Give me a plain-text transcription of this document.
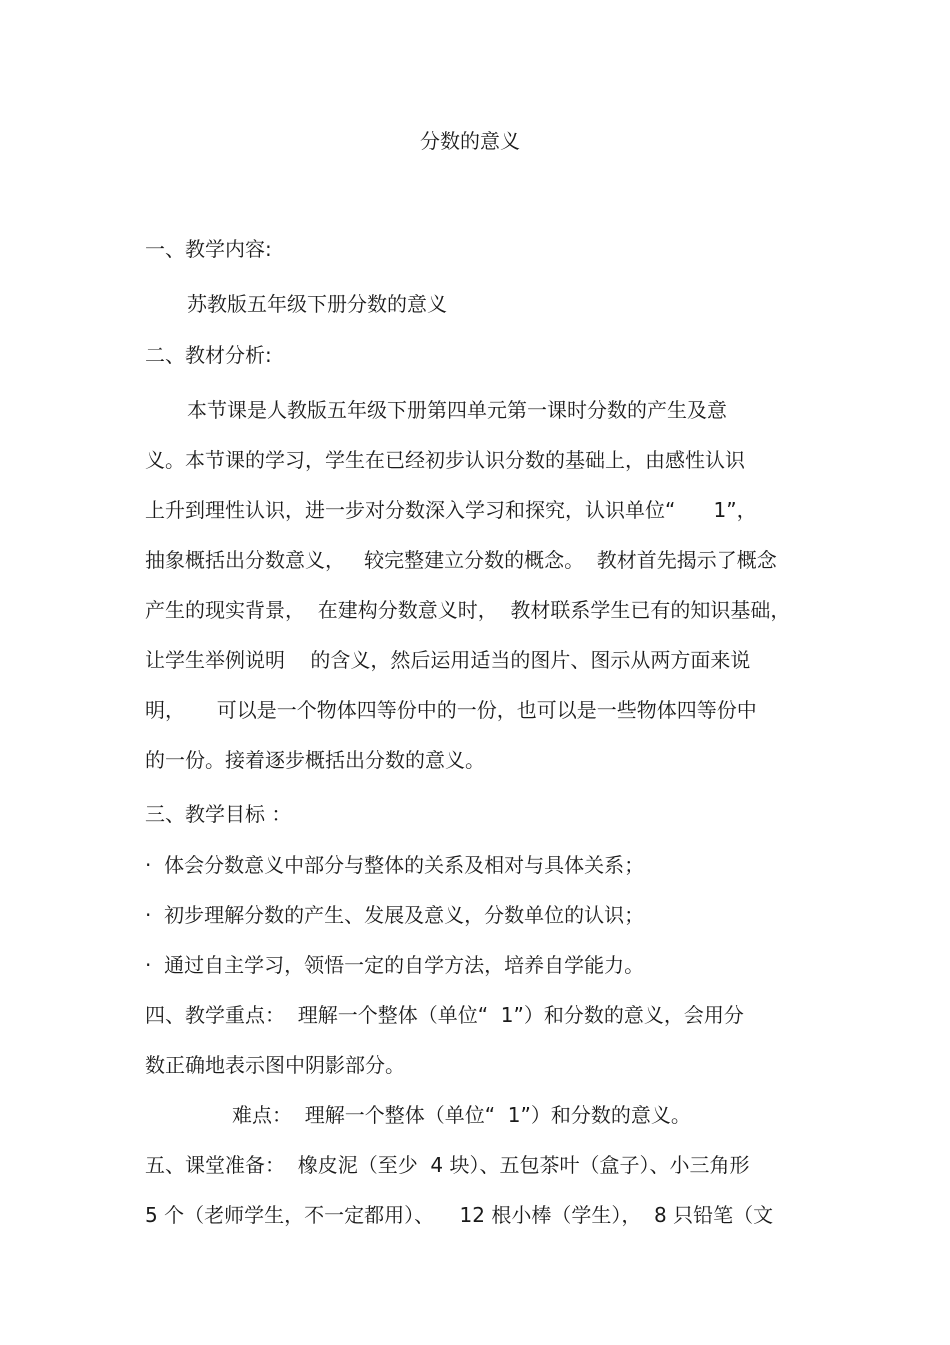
分数的意义
一、教学内容:
苏教版五年级下册分数的意义
二、教材分析:
本节课是人教版五年级下册第四单元第一课时分数的产生及意
义。本节课的学习，学生在已经初步认识分数的基础上，由感性认识
上升到理性认识，进一步对分数深入学习和探究，认识单位“      1”，
抽象概括出分数意义，   较完整建立分数的概念。  教材首先揭示了概念
产生的现实背景，  在建构分数意义时，  教材联系学生已有的知识基础，
让学生举例说明    的含义，然后运用适当的图片、图示从两方面来说
明，     可以是一个物体四等份中的一份，也可以是一些物体四等份中
的一份。接着逐步概括出分数的意义。
三、教学目标 ：
·  体会分数意义中部分与整体的关系及相对与具体关系；
·  初步理解分数的产生、发展及意义，分数单位的认识；
·  通过自主学习，领悟一定的自学方法，培养自学能力。
四、教学重点：  理解一个整体（单位“  1”）和分数的意义，会用分
数正确地表示图中阴影部分。
难点：  理解一个整体（单位“  1”）和分数的意义。
五、课堂准备：  橡皮泥（至少  4 块）、五包茶叶（盒子）、小三角形
5 个（老师学生，不一定都用）、    12 根小棒（学生），  8 只铅笔（文
